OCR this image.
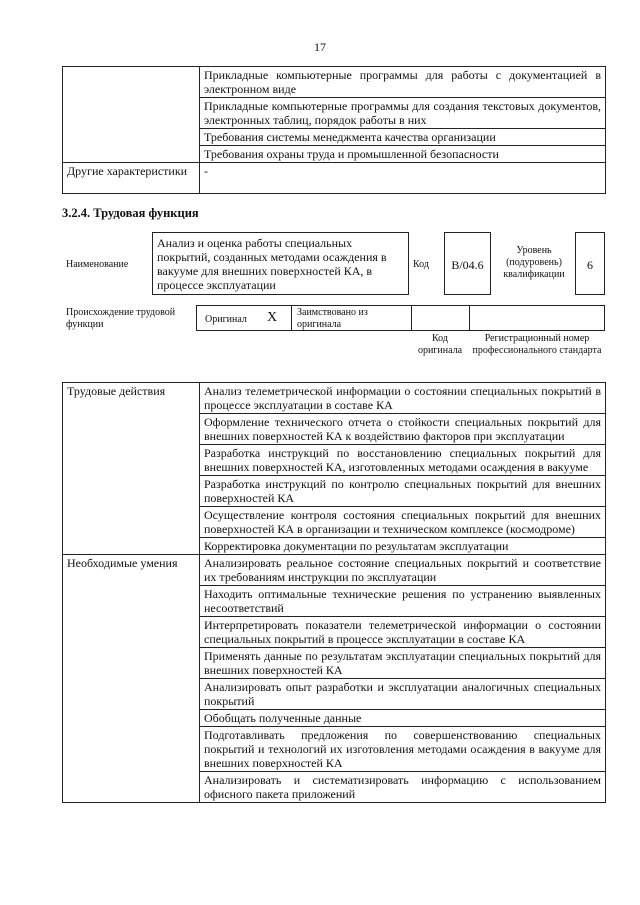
17
	Прикладные компьютерные программы для работы с документацией в электронном виде
	Прикладные компьютерные программы для создания текстовых документов, электронных таблиц, порядок работы в них
	Требования системы менеджмента качества организации
	Требования охраны труда и промышленной безопасности
Другие характеристики	-
3.2.4. Трудовая функция
Наименование
Анализ и оценка работы специальных покрытий, созданных методами осаждения в вакууме для внешних поверхностей КА, в процессе эксплуатации
Код	B/04.6
Уровень (подуровень) квалификации
6
Происхождение трудовой функции	Оригинал X Заимствовано из оригинала
Код оригинала
Регистрационный номер профессионального стандарта
Трудовые действия	Анализ телеметрической информации о состоянии специальных покрытий в процессе эксплуатации в составе КА
	Оформление технического отчета о стойкости специальных покрытий для внешних поверхностей КА к воздействию факторов при эксплуатации
	Разработка инструкций по восстановлению специальных покрытий для внешних поверхностей КА, изготовленных методами осаждения в вакууме
	Разработка инструкций по контролю специальных покрытий для внешних поверхностей КА
	Осуществление контроля состояния специальных покрытий для внешних поверхностей КА в организации и техническом комплексе (космодроме)
	Корректировка документации по результатам эксплуатации
Необходимые умения	Анализировать реальное состояние специальных покрытий и соответствие их требованиям инструкции по эксплуатации
	Находить оптимальные технические решения по устранению выявленных несоответствий
	Интерпретировать показатели телеметрической информации о состоянии специальных покрытий в процессе эксплуатации в составе КА
	Применять данные по результатам эксплуатации специальных покрытий для внешних поверхностей КА
	Анализировать опыт разработки и эксплуатации аналогичных специальных покрытий
	Обобщать полученные данные
	Подготавливать предложения по совершенствованию специальных покрытий и технологий их изготовления методами осаждения в вакууме для внешних поверхностей КА
	Анализировать и систематизировать информацию с использованием офисного пакета приложений
